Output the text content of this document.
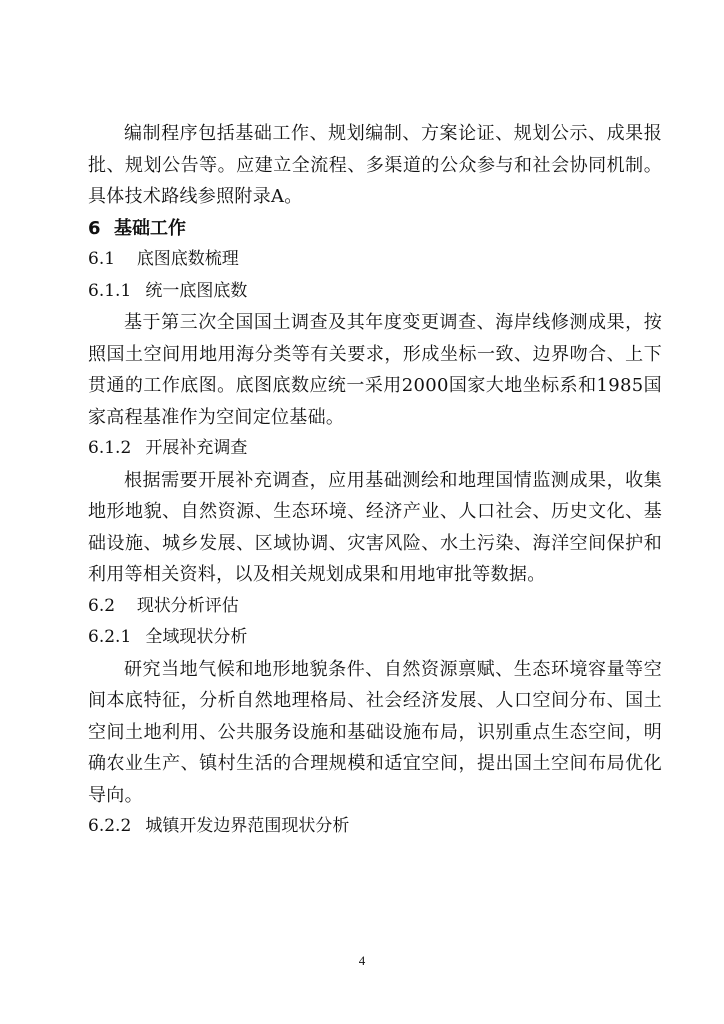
编制程序包括基础工作、规划编制、方案论证、规划公示、成果报批、规划公告等。应建立全流程、多渠道的公众参与和社会协同机制。具体技术路线参照附录A。

6 基础工作
6.1 底图底数梳理
6.1.1 统一底图底数

基于第三次全国国土调查及其年度变更调查、海岸线修测成果，按照国土空间用地用海分类等有关要求，形成坐标一致、边界吻合、上下贯通的工作底图。底图底数应统一采用2000国家大地坐标系和1985国家高程基准作为空间定位基础。

6.1.2 开展补充调查

根据需要开展补充调查，应用基础测绘和地理国情监测成果，收集地形地貌、自然资源、生态环境、经济产业、人口社会、历史文化、基础设施、城乡发展、区域协调、灾害风险、水土污染、海洋空间保护和利用等相关资料，以及相关规划成果和用地审批等数据。

6.2 现状分析评估
6.2.1 全域现状分析

研究当地气候和地形地貌条件、自然资源禀赋、生态环境容量等空间本底特征，分析自然地理格局、社会经济发展、人口空间分布、国土空间土地利用、公共服务设施和基础设施布局，识别重点生态空间，明确农业生产、镇村生活的合理规模和适宜空间，提出国土空间布局优化导向。

6.2.2 城镇开发边界范围现状分析
4
